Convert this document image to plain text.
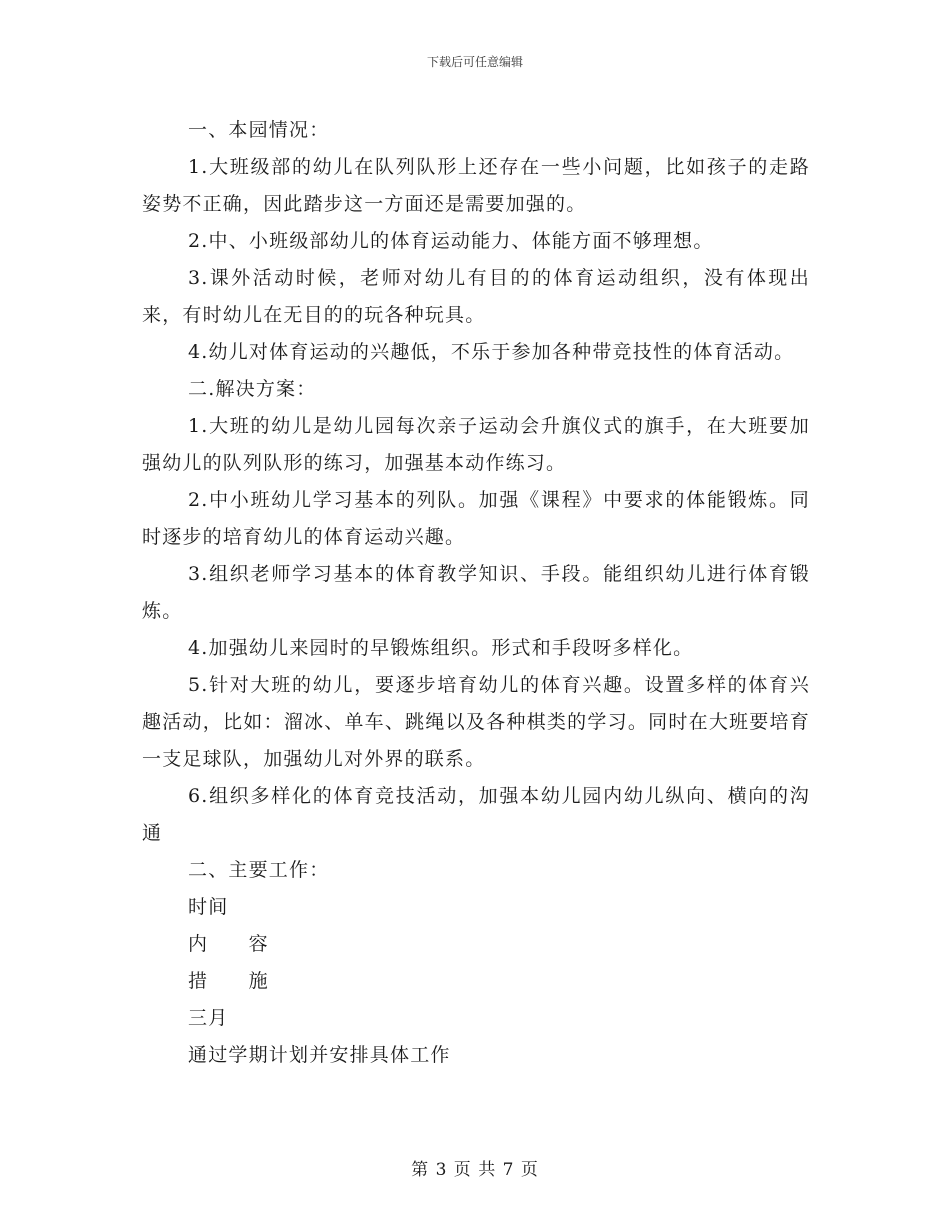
下载后可任意编辑

一、本园情况：

1.大班级部的幼儿在队列队形上还存在一些小问题，比如孩子的走路姿势不正确，因此踏步这一方面还是需要加强的。

2.中、小班级部幼儿的体育运动能力、体能方面不够理想。

3.课外活动时候，老师对幼儿有目的的体育运动组织，没有体现出来，有时幼儿在无目的的玩各种玩具。

4.幼儿对体育运动的兴趣低，不乐于参加各种带竞技性的体育活动。

二.解决方案：

1.大班的幼儿是幼儿园每次亲子运动会升旗仪式的旗手，在大班要加强幼儿的队列队形的练习，加强基本动作练习。

2.中小班幼儿学习基本的列队。加强《课程》中要求的体能锻炼。同时逐步的培育幼儿的体育运动兴趣。

3.组织老师学习基本的体育教学知识、手段。能组织幼儿进行体育锻炼。

4.加强幼儿来园时的早锻炼组织。形式和手段呀多样化。

5.针对大班的幼儿，要逐步培育幼儿的体育兴趣。设置多样的体育兴趣活动，比如：溜冰、单车、跳绳以及各种棋类的学习。同时在大班要培育一支足球队，加强幼儿对外界的联系。

6.组织多样化的体育竞技活动，加强本幼儿园内幼儿纵向、横向的沟通

二、主要工作：

时间

内　　容

措　　施

三月

通过学期计划并安排具体工作

第 3 页 共 7 页
